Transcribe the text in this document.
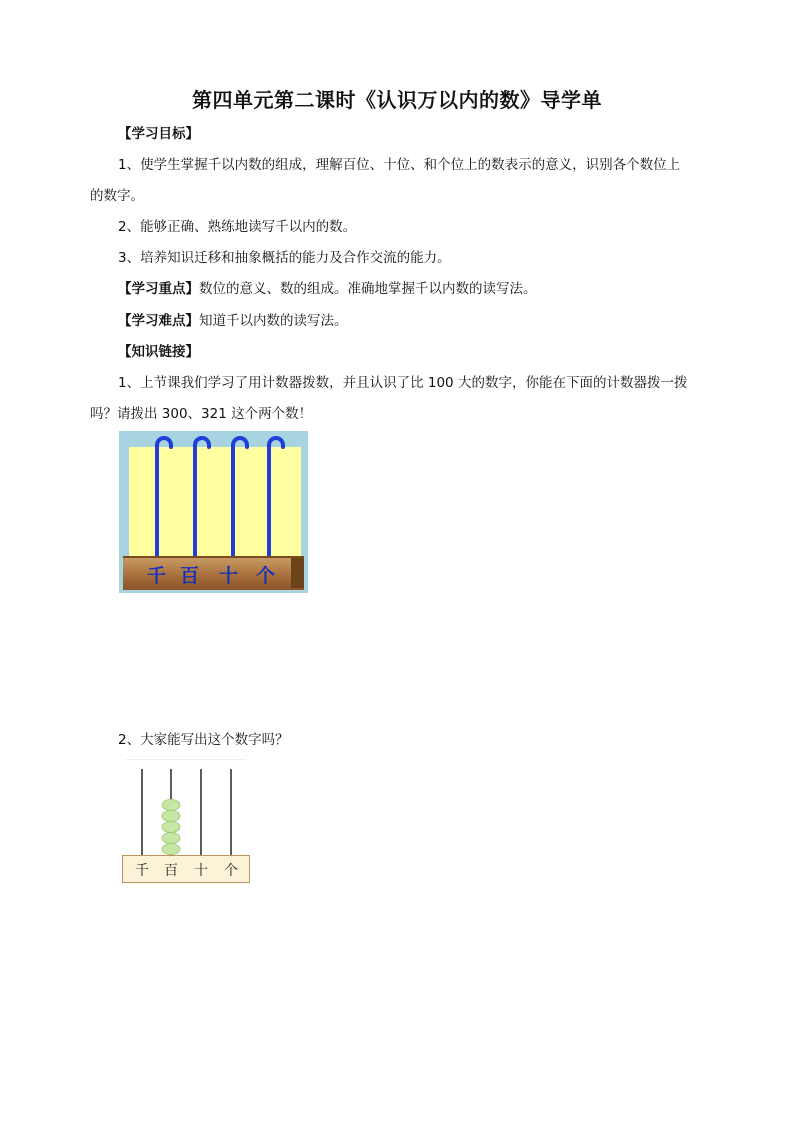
第四单元第二课时《认识万以内的数》导学单
【学习目标】
1、使学生掌握千以内数的组成，理解百位、十位、和个位上的数表示的意义，识别各个数位上
的数字。
2、能够正确、熟练地读写千以内的数。
3、培养知识迁移和抽象概括的能力及合作交流的能力。
【学习重点】数位的意义、数的组成。准确地掌握千以内数的读写法。
【学习难点】知道千以内数的读写法。
【知识链接】
1、上节课我们学习了用计数器拨数，并且认识了比 100 大的数字，你能在下面的计数器拨一拨
吗？请拨出 300、321 这个两个数！
千 百 十 个
2、大家能写出这个数字吗？
千 百 十 个
